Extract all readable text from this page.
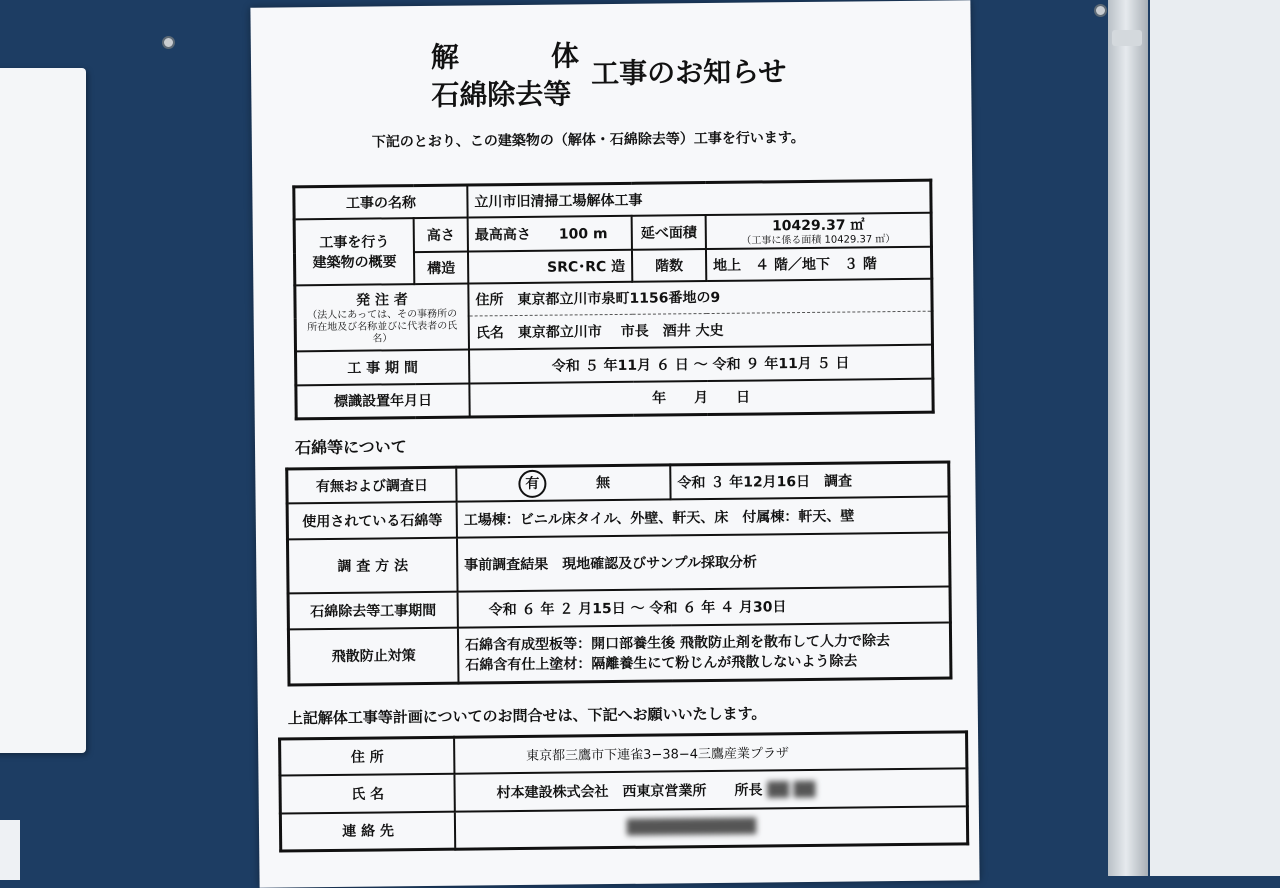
解　　体
石綿除去等
工事のお知らせ
下記のとおり、この建築物の（解体・石綿除去等）工事を行います。
工事の名称		立川市旧清掃工場解体工事		
工事を行う
建築物の概要	高さ	最高高さ　　100 m	延べ面積	10429.37 ㎡
（工事に係る面積 10429.37 ㎡）

	構造	SRC･RC 造	階数	地上　４ 階／地下　３ 階
発 注 者
（法人にあっては、その事務所の
所在地及び名称並びに代表者の氏名）		住所　東京都立川市泉町1156番地の9		
		氏名　東京都立川市　 市長　酒井 大史		
工 事 期 間		令和 ５ 年11月 ６ 日 〜 令和 ９ 年11月 ５ 日		
標識設置年月日		年　　月　　日		
石綿等について
有無および調査日	有 無	令和 ３ 年12月16日　調査
使用されている石綿等	工場棟：ビニル床タイル、外壁、軒天、床　付属棟：軒天、壁	
調 査 方 法	事前調査結果　現地確認及びサンプル採取分析	
石綿除去等工事期間	令和 ６ 年 ２ 月15日 〜 令和 ６ 年 ４ 月30日	
飛散防止対策	石綿含有成型板等：開口部養生後 飛散防止剤を散布して人力で除去
石綿含有仕上塗材：隔離養生にて粉じんが飛散しないよう除去	
上記解体工事等計画についてのお問合せは、下記へお願いいたします。
住 所	東京都三鷹市下連雀3−38−4三鷹産業プラザ
氏 名	村本建設株式会社　西東京営業所　　所長 ██ ██
連 絡 先	████████████
